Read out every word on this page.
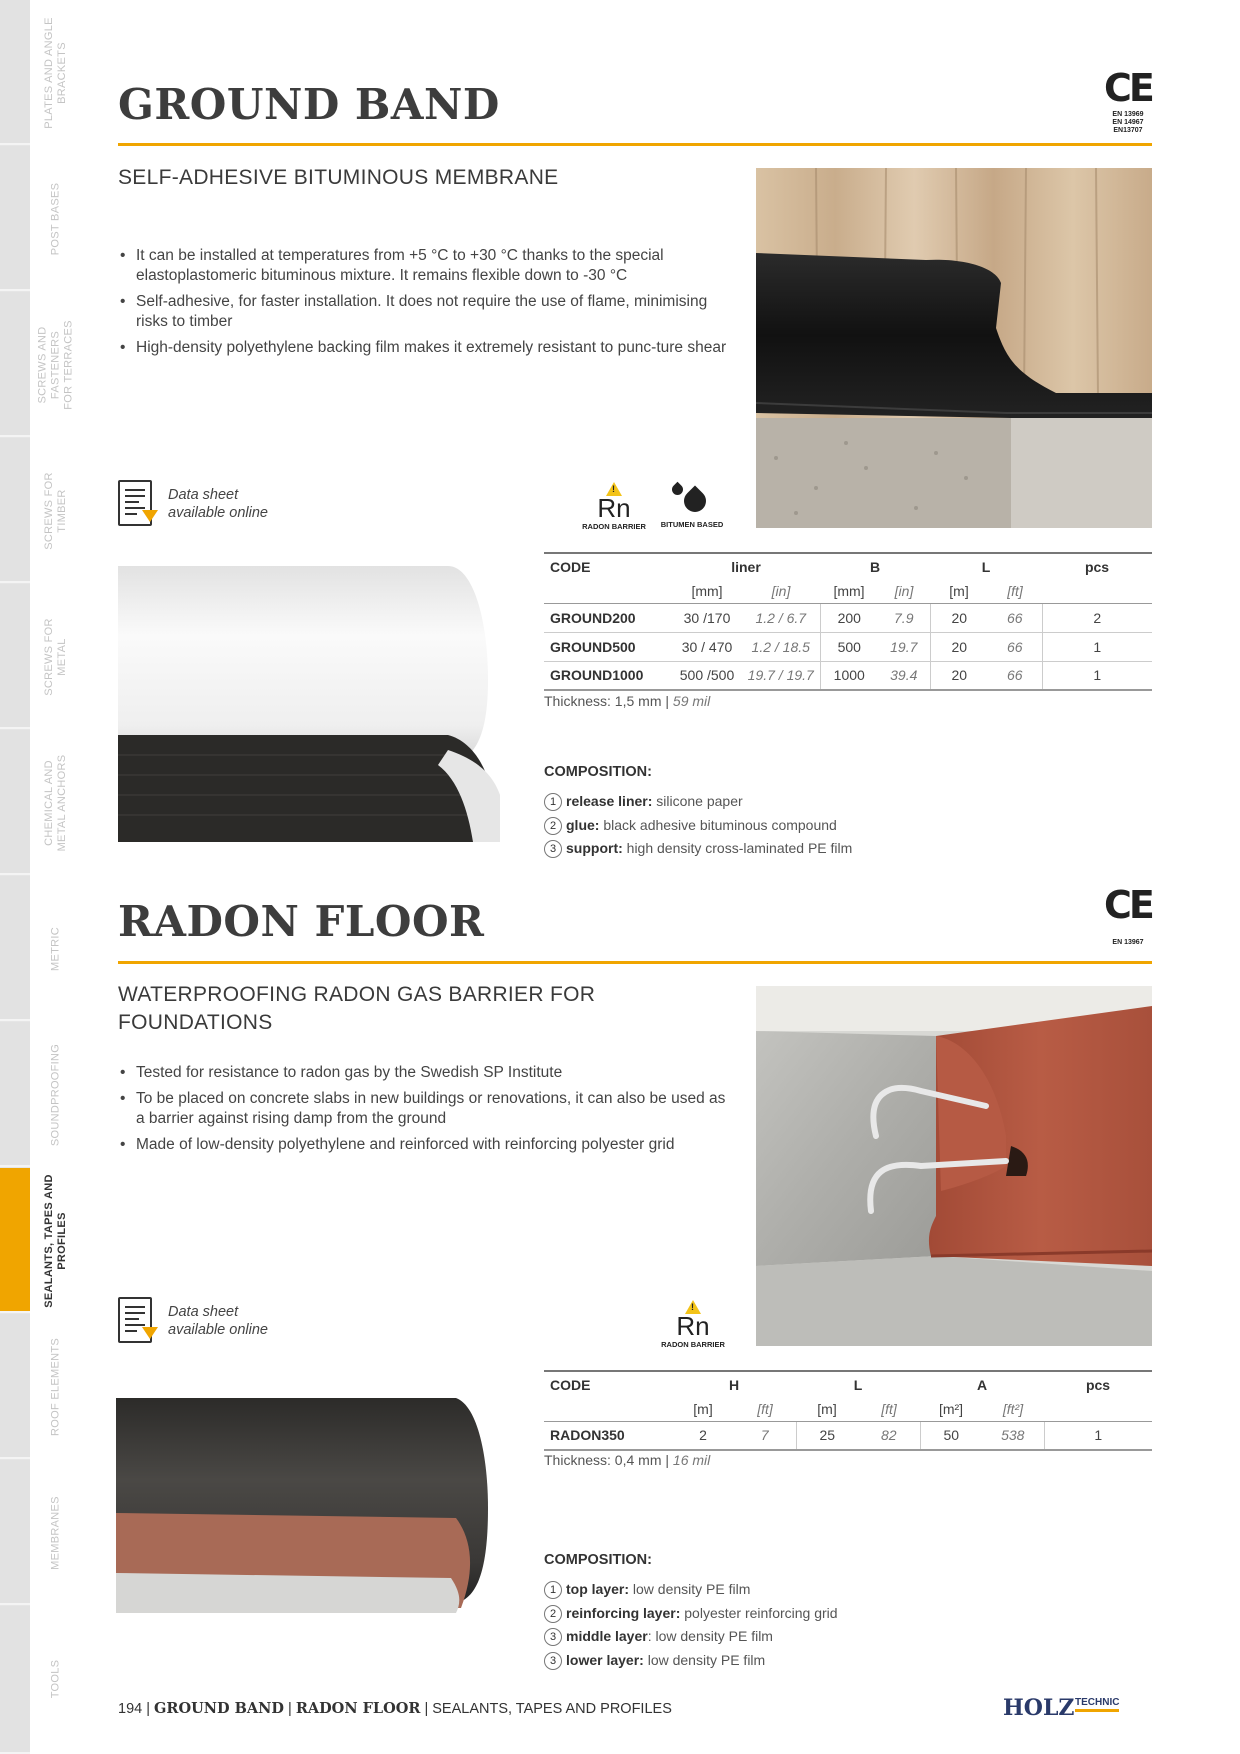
PLATES AND ANGLE
BRACKETS
POST BASES
SCREWS AND FASTENERS
FOR TERRACES
SCREWS FOR
TIMBER
SCREWS FOR
METAL
CHEMICAL AND
METAL ANCHORS
METRIC
SOUNDPROOFING
SEALANTS, TAPES AND
PROFILES
ROOF ELEMENTS
MEMBRANES
TOOLS
GROUND BAND	CE
EN 13969
EN 14967
EN13707
SELF-ADHESIVE BITUMINOUS MEMBRANE
• It can be installed at temperatures from +5 °C to +30 °C thanks to the special elastoplastomeric bituminous mixture. It remains flexible down to -30 °C
• Self-adhesive, for faster installation. It does not require the use of flame, minimising risks to timber
• High-density polyethylene backing film makes it extremely resistant to punc-ture shear
Data sheet
available online
!	Rn
RADON BARRIER	BITUMEN BASED
CODE	liner		B		L		pcs
	[mm]	[in]	[mm]	[in]	[m]	[ft]	
GROUND200	30 /170	1.2 / 6.7	200	7.9	20	66	2
GROUND500	30 / 470	1.2 / 18.5	500	19.7	20	66	1
GROUND1000	500 /500	19.7 / 19.7	1000	39.4	20	66	1
Thickness: 1,5 mm | 59 mil
COMPOSITION:
1 release liner: silicone paper
2 glue: black adhesive bituminous compound
3 support: high density cross-laminated PE film
RADON FLOOR	CE
EN 13967
WATERPROOFING RADON GAS BARRIER FOR
FOUNDATIONS
• Tested for resistance to radon gas by the Swedish SP Institute
• To be placed on concrete slabs in new buildings or renovations, it can also be used as a barrier against rising damp from the ground
• Made of low-density polyethylene and reinforced with reinforcing polyester grid
Data sheet
available online
!	Rn
RADON BARRIER
CODE	H		L		A		pcs
	[m]	[ft]	[m]	[ft]	[m²]	[ft²]	
RADON350	2	7	25	82	50	538	1
Thickness: 0,4 mm | 16 mil
COMPOSITION:
1 top layer: low density PE film
2 reinforcing layer: polyester reinforcing grid
3 middle layer: low density PE film
3 lower layer: low density PE film
194 | GROUND BAND | RADON FLOOR | SEALANTS, TAPES AND PROFILES	HOLZ TECHNIC
